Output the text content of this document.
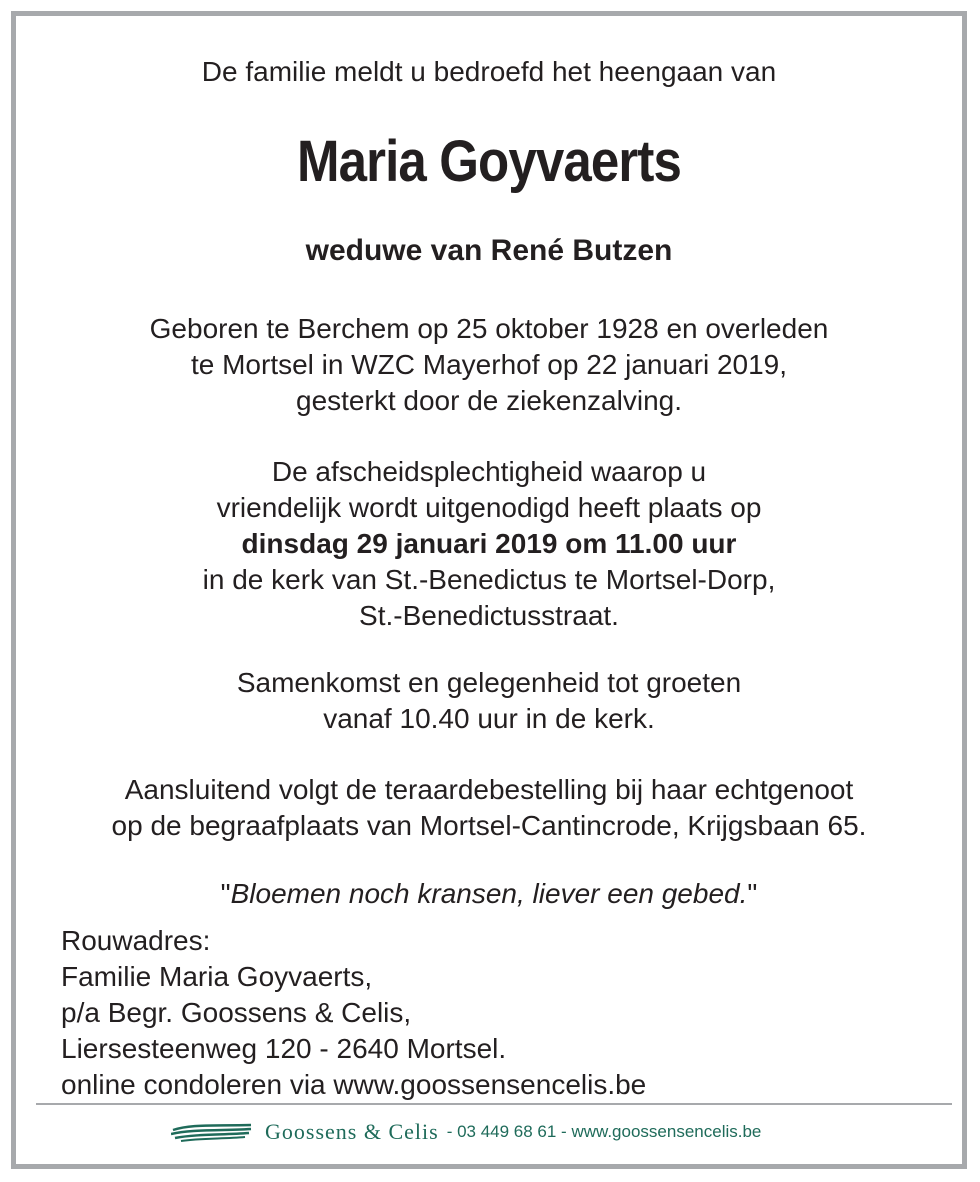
De familie meldt u bedroefd het heengaan van
Maria Goyvaerts
weduwe van René Butzen
Geboren te Berchem op 25 oktober 1928 en overleden
te Mortsel in WZC Mayerhof op 22 januari 2019,
gesterkt door de ziekenzalving.
De afscheidsplechtigheid waarop u
vriendelijk wordt uitgenodigd heeft plaats op
dinsdag 29 januari 2019 om 11.00 uur
in de kerk van St.-Benedictus te Mortsel-Dorp,
St.-Benedictusstraat.
Samenkomst en gelegenheid tot groeten
vanaf 10.40 uur in de kerk.
Aansluitend volgt de teraardebestelling bij haar echtgenoot
op de begraafplaats van Mortsel-Cantincrode, Krijgsbaan 65.
"Bloemen noch kransen, liever een gebed."
Rouwadres:
Familie Maria Goyvaerts,
p/a Begr. Goossens & Celis,
Liersesteenweg 120 - 2640 Mortsel.
online condoleren via www.goossensencelis.be
Goossens & Celis - 03 449 68 61 - www.goossensencelis.be
